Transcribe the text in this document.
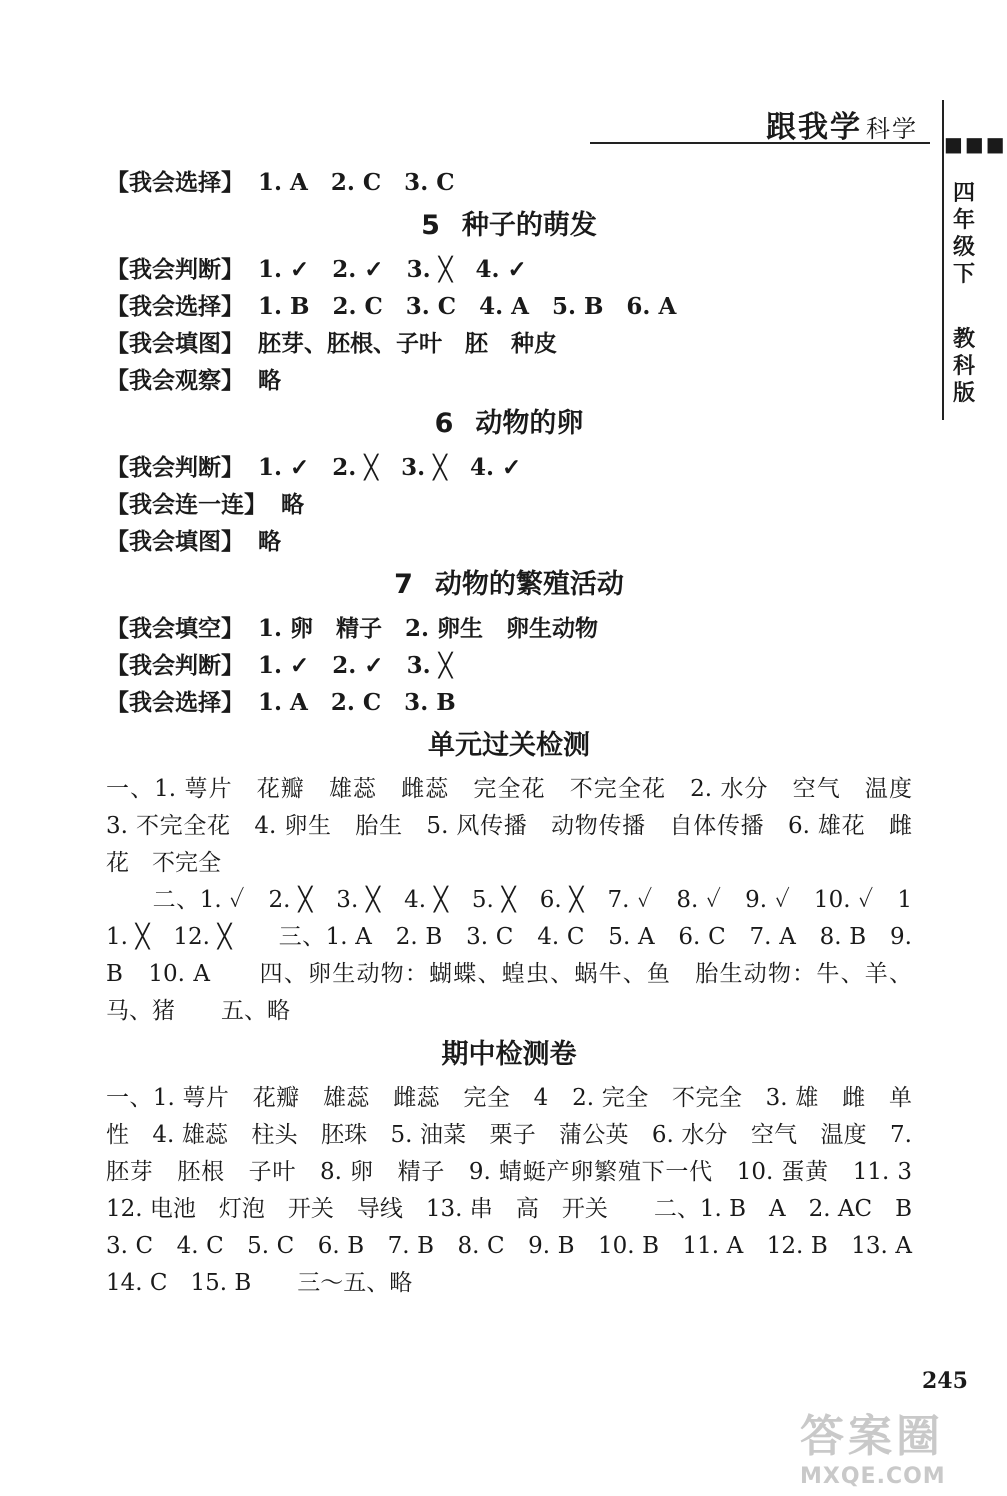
跟我学 科学
■■■
四年级下
教科版
【我会选择】 1. A　2. C　3. C
5 种子的萌发
【我会判断】 1. ✓　2. ✓　3. ╳　4. ✓
【我会选择】 1. B　2. C　3. C　4. A　5. B　6. A
【我会填图】 胚芽、胚根、子叶　胚　种皮
【我会观察】 略
6 动物的卵
【我会判断】 1. ✓　2. ╳　3. ╳　4. ✓
【我会连一连】 略
【我会填图】 略
7 动物的繁殖活动
【我会填空】 1. 卵　精子　2. 卵生　卵生动物
【我会判断】 1. ✓　2. ✓　3. ╳
【我会选择】 1. A　2. C　3. B
单元过关检测
一、1. 萼片　花瓣　雄蕊　雌蕊　完全花　不完全花　2. 水分　空气　温度　3. 不完全花　4. 卵生　胎生　5. 风传播　动物传播　自体传播　6. 雄花　雌花　不完全
二、1. ✓　2. ╳　3. ╳　4. ╳　5. ╳　6. ╳　7. ✓　8. ✓　9. ✓　10. ✓　11. ╳　12. ╳　　三、1. A　2. B　3. C　4. C　5. A　6. C　7. A　8. B　9. B　10. A　　四、卵生动物：蝴蝶、蝗虫、蜗牛、鱼　胎生动物：牛、羊、马、猪　　五、略
期中检测卷
一、1. 萼片　花瓣　雄蕊　雌蕊　完全　4　2. 完全　不完全　3. 雄　雌　单性　4. 雄蕊　柱头　胚珠　5. 油菜　栗子　蒲公英　6. 水分　空气　温度　7. 胚芽　胚根　子叶　8. 卵　精子　9. 蜻蜓产卵繁殖下一代　10. 蛋黄　11. 3　12. 电池　灯泡　开关　导线　13. 串　高　开关　　二、1. B　A　2. AC　B　3. C　4. C　5. C　6. B　7. B　8. C　9. B　10. B　11. A　12. B　13. A　14. C　15. B　　三～五、略
245
答案圈
MXQE.COM
